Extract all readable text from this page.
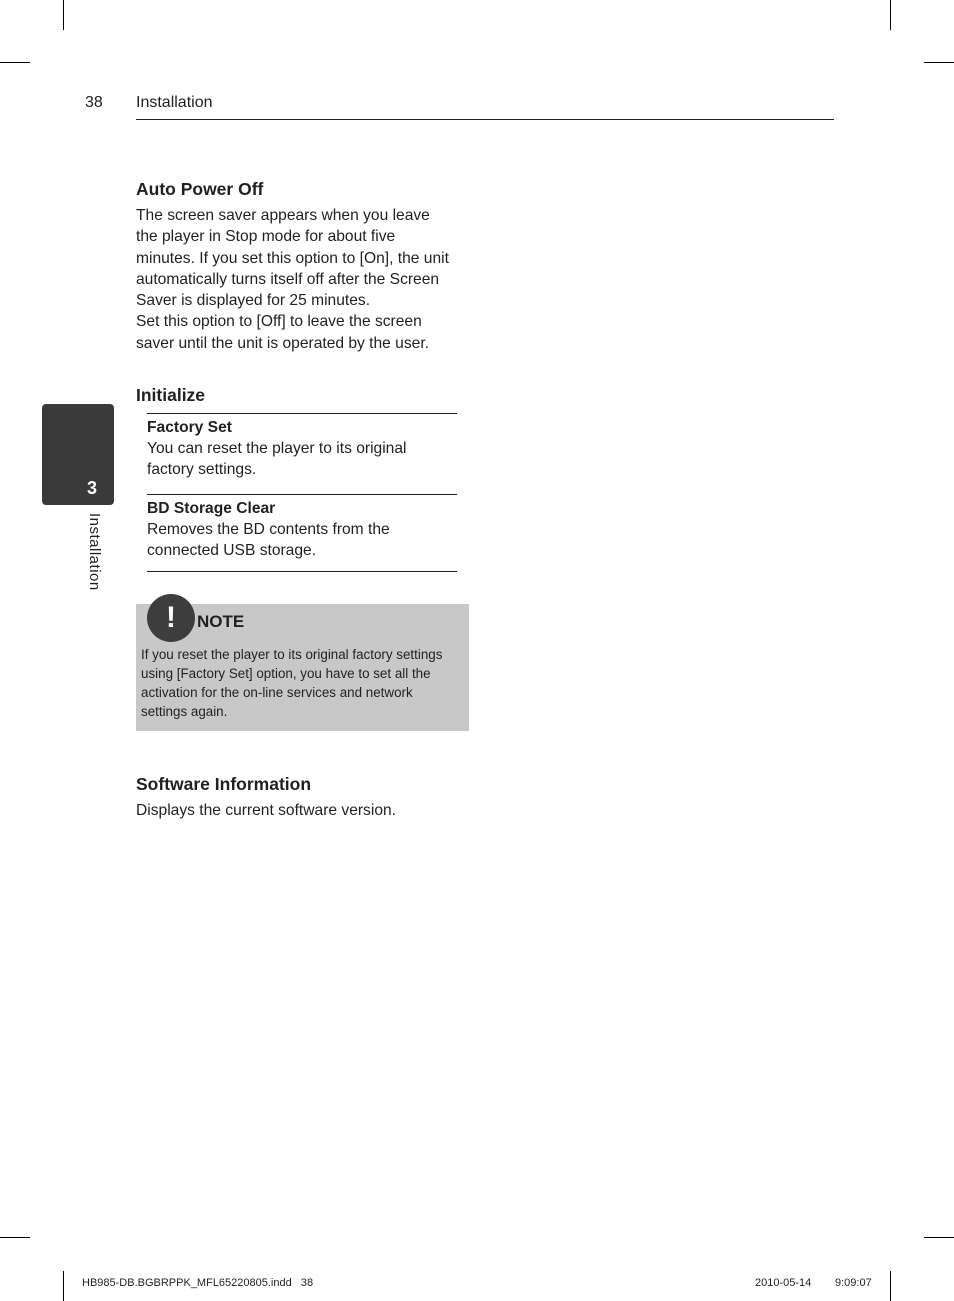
38 Installation
3
Installation
Auto Power Off

The screen saver appears when you leave
the player in Stop mode for about five
minutes. If you set this option to [On], the unit
automatically turns itself off after the Screen
Saver is displayed for 25 minutes.
Set this option to [Off] to leave the screen
saver until the unit is operated by the user.

Initialize
Factory Set

You can reset the player to its original
factory settings.

BD Storage Clear

Removes the BD contents from the
connected USB storage.

!	NOTE

If you reset the player to its original factory settings
using [Factory Set] option, you have to set all the
activation for the on-line services and network
settings again.

Software Information

Displays the current software version.

HB985-DB.BGBRPPK_MFL65220805.indd   38	2010-05-14 9:09:07
